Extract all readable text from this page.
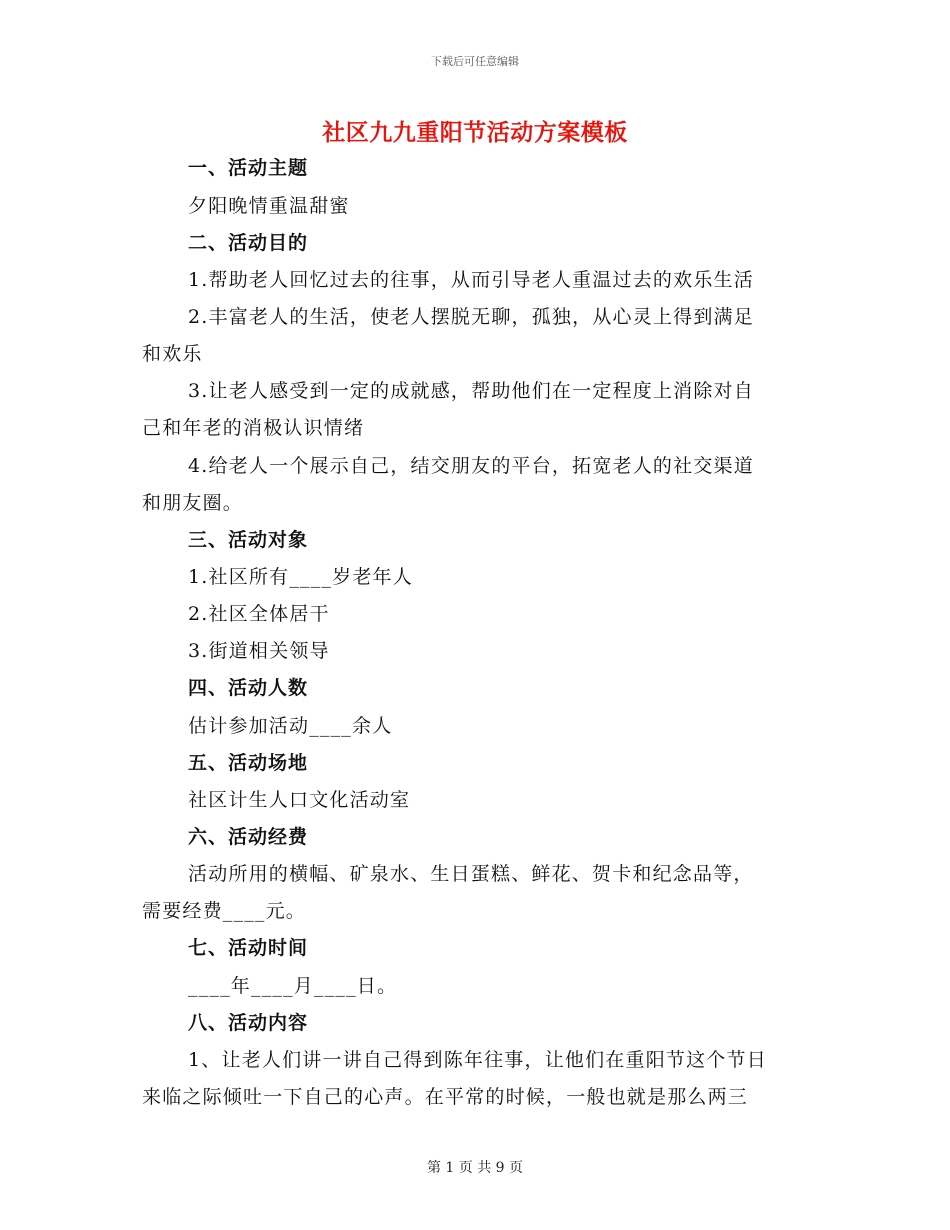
下载后可任意编辑
社区九九重阳节活动方案模板
一、活动主题
夕阳晚情重温甜蜜
二、活动目的
1.帮助老人回忆过去的往事，从而引导老人重温过去的欢乐生活
2.丰富老人的生活，使老人摆脱无聊，孤独，从心灵上得到满足
和欢乐
3.让老人感受到一定的成就感，帮助他们在一定程度上消除对自
己和年老的消极认识情绪
4.给老人一个展示自己，结交朋友的平台，拓宽老人的社交渠道
和朋友圈。
三、活动对象
1.社区所有____岁老年人
2.社区全体居干
3.街道相关领导
四、活动人数
估计参加活动____余人
五、活动场地
社区计生人口文化活动室
六、活动经费
活动所用的横幅、矿泉水、生日蛋糕、鲜花、贺卡和纪念品等，
需要经费____元。
七、活动时间
____年____月____日。
八、活动内容
1、让老人们讲一讲自己得到陈年往事，让他们在重阳节这个节日
来临之际倾吐一下自己的心声。在平常的时候，一般也就是那么两三
第 1 页 共 9 页
